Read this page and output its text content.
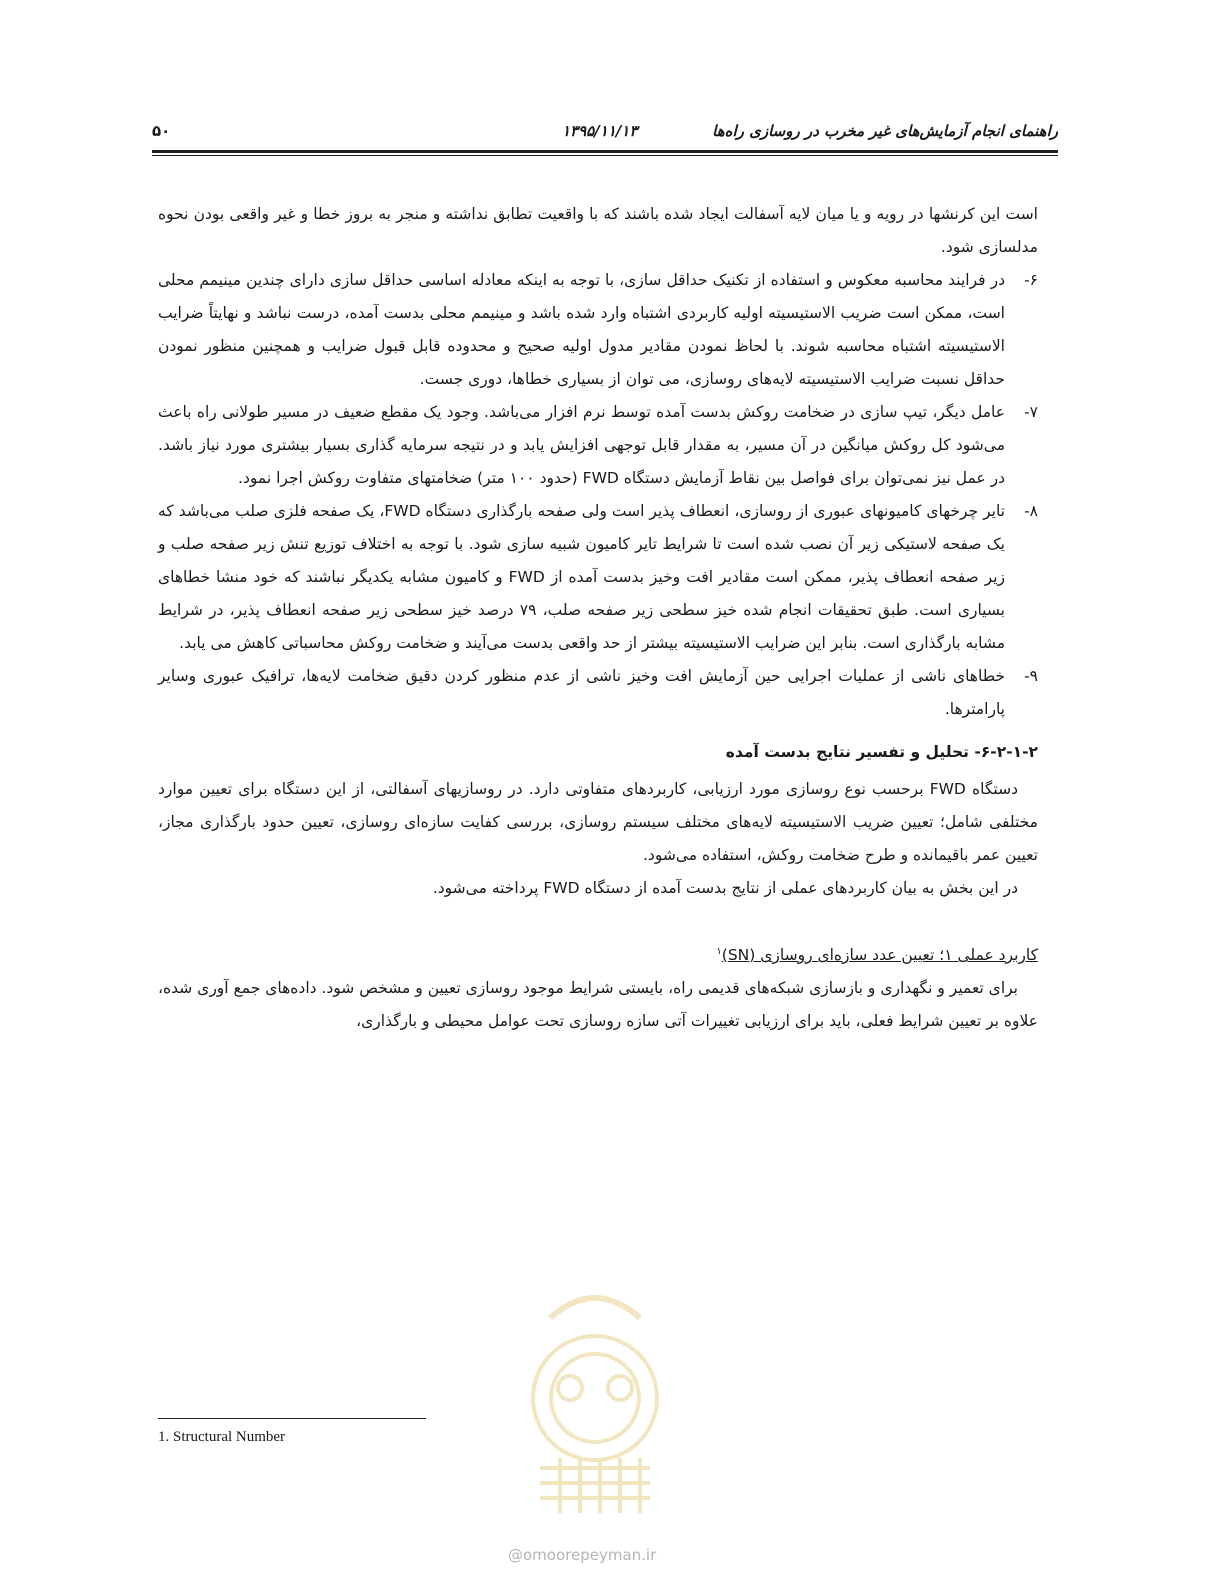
راهنمای انجام آزمایش‌های غیر مخرب در روسازی راه‌ها
۱۳۹۵/۱۱/۱۳
۵۰

است این کرنشها در رویه و یا میان لایه آسفالت ایجاد شده باشند که با واقعیت تطابق نداشته و منجر به بروز خطا و غیر واقعی بودن نحوه مدلسازی شود.

۶-

در فرایند محاسبه معکوس و استفاده از تکنیک حداقل سازی، با توجه به اینکه معادله اساسی حداقل سازی دارای چندین مینیمم محلی است، ممکن است ضریب الاستیسیته اولیه کاربردی اشتباه وارد شده باشد و مینیمم محلی بدست آمده، درست نباشد و نهایتاً ضرایب الاستیسیته اشتباه محاسبه شوند. با لحاظ نمودن مقادیر مدول اولیه صحیح و محدوده قابل قبول ضرایب و همچنین منظور نمودن حداقل نسبت ضرایب الاستیسیته لایه‌های روسازی، می توان از بسیاری خطاها، دوری جست.

۷-

عامل دیگر، تیپ سازی در ضخامت روکش بدست آمده توسط نرم افزار می‌باشد. وجود یک مقطع ضعیف در مسیر طولانی راه باعث می‌شود کل روکش میانگین در آن مسیر، به مقدار قابل توجهی افزایش یابد و در نتیجه سرمایه گذاری بسیار بیشتری مورد نیاز باشد. در عمل نیز نمی‌توان برای فواصل بین نقاط آزمایش دستگاه FWD (حدود ۱۰۰ متر) ضخامتهای متفاوت روکش اجرا نمود.

۸-

تایر چرخهای کامیونهای عبوری از روسازی، انعطاف پذیر است ولی صفحه بارگذاری دستگاه FWD، یک صفحه فلزی صلب می‌باشد که یک صفحه لاستیکی زیر آن نصب شده است تا شرایط تایر کامیون شبیه سازی شود. با توجه به اختلاف توزیع تنش زیر صفحه صلب و زیر صفحه انعطاف پذیر، ممکن است مقادیر افت وخیز بدست آمده از FWD و کامیون مشابه یکدیگر نباشند که خود منشا خطاهای بسیاری است. طبق تحقیقات انجام شده خیز سطحی زیر صفحه صلب، ۷۹ درصد خیز سطحی زیر صفحه انعطاف پذیر، در شرایط مشابه بارگذاری است. بنابر این ضرایب الاستیسیته بیشتر از حد واقعی بدست می‌آیند و ضخامت روکش محاسباتی کاهش می یابد.

۹-

خطاهای ناشی از عملیات اجرایی حین آزمایش افت وخیز ناشی از عدم منظور کردن دقیق ضخامت لایه‌ها، ترافیک عبوری وسایر پارامترها.

۶-۲-۱-۲- تحلیل و تفسیر نتایج بدست آمده

دستگاه FWD برحسب نوع روسازی مورد ارزیابی، کاربردهای متفاوتی دارد. در روسازیهای آسفالتی، از این دستگاه برای تعیین موارد مختلفی شامل؛ تعیین ضریب الاستیسیته لایه‌های مختلف سیستم روسازی، بررسی کفایت سازه‌ای روسازی، تعیین حدود بارگذاری مجاز، تعیین عمر باقیمانده و طرح ضخامت روکش، استفاده می‌شود.

در این بخش به بیان کاربردهای عملی از نتایج بدست آمده از دستگاه FWD پرداخته می‌شود.

کاربرد عملی ۱؛ تعیین عدد سازه‌ای روسازی (SN)$^۱$

برای تعمیر و نگهداری و بازسازی شبکه‌های قدیمی راه، بایستی شرایط موجود روسازی تعیین و مشخص شود. داده‌های جمع آوری شده، علاوه بر تعیین شرایط فعلی، باید برای ارزیابی تغییرات آتی سازه روسازی تحت عوامل محیطی و بارگذاری،

1. Structural Number
@omoorepeyman.ir
